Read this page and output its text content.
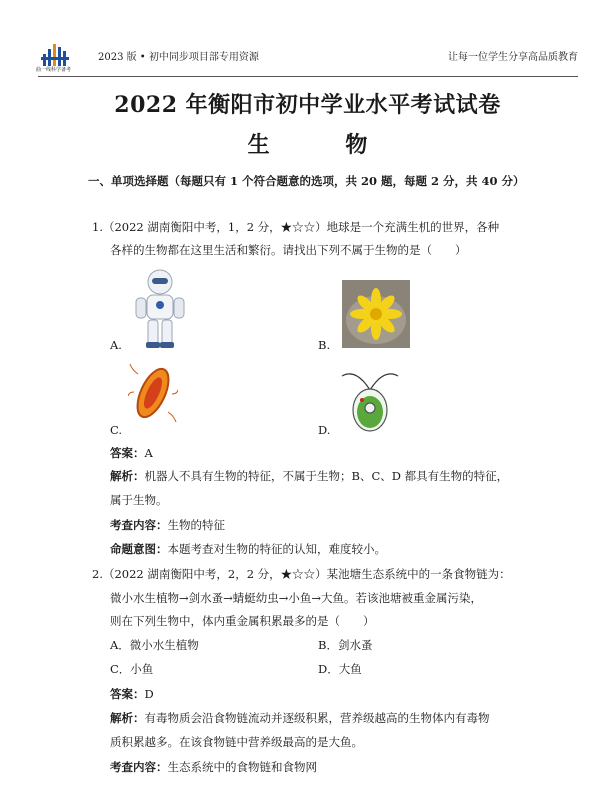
曲一线科学备考
2023 版 • 初中同步项目部专用资源	让每一位学生分享高品质教育
2022 年衡阳市初中学业水平考试试卷
生 物
一、单项选择题（每题只有 1 个符合题意的选项，共 20 题，每题 2 分，共 40 分）
1.（2022 湖南衡阳中考，1，2 分，★☆☆）地球是一个充满生机的世界，各种
各样的生物都在这里生活和繁衍。请找出下列不属于生物的是（　　）
A.	B.
C.	D.
答案：A
解析：机器人不具有生物的特征，不属于生物；B、C、D 都具有生物的特征，
属于生物。
考查内容：生物的特征
命题意图：本题考查对生物的特征的认知，难度较小。
2.（2022 湖南衡阳中考，2，2 分，★☆☆）某池塘生态系统中的一条食物链为：
微小水生植物→剑水蚤→蜻蜓幼虫→小鱼→大鱼。若该池塘被重金属污染，
则在下列生物中，体内重金属积累最多的是（　　）
A．微小水生植物	B．剑水蚤
C．小鱼	D．大鱼
答案：D
解析：有毒物质会沿食物链流动并逐级积累，营养级越高的生物体内有毒物
质积累越多。在该食物链中营养级最高的是大鱼。
考查内容：生态系统中的食物链和食物网
